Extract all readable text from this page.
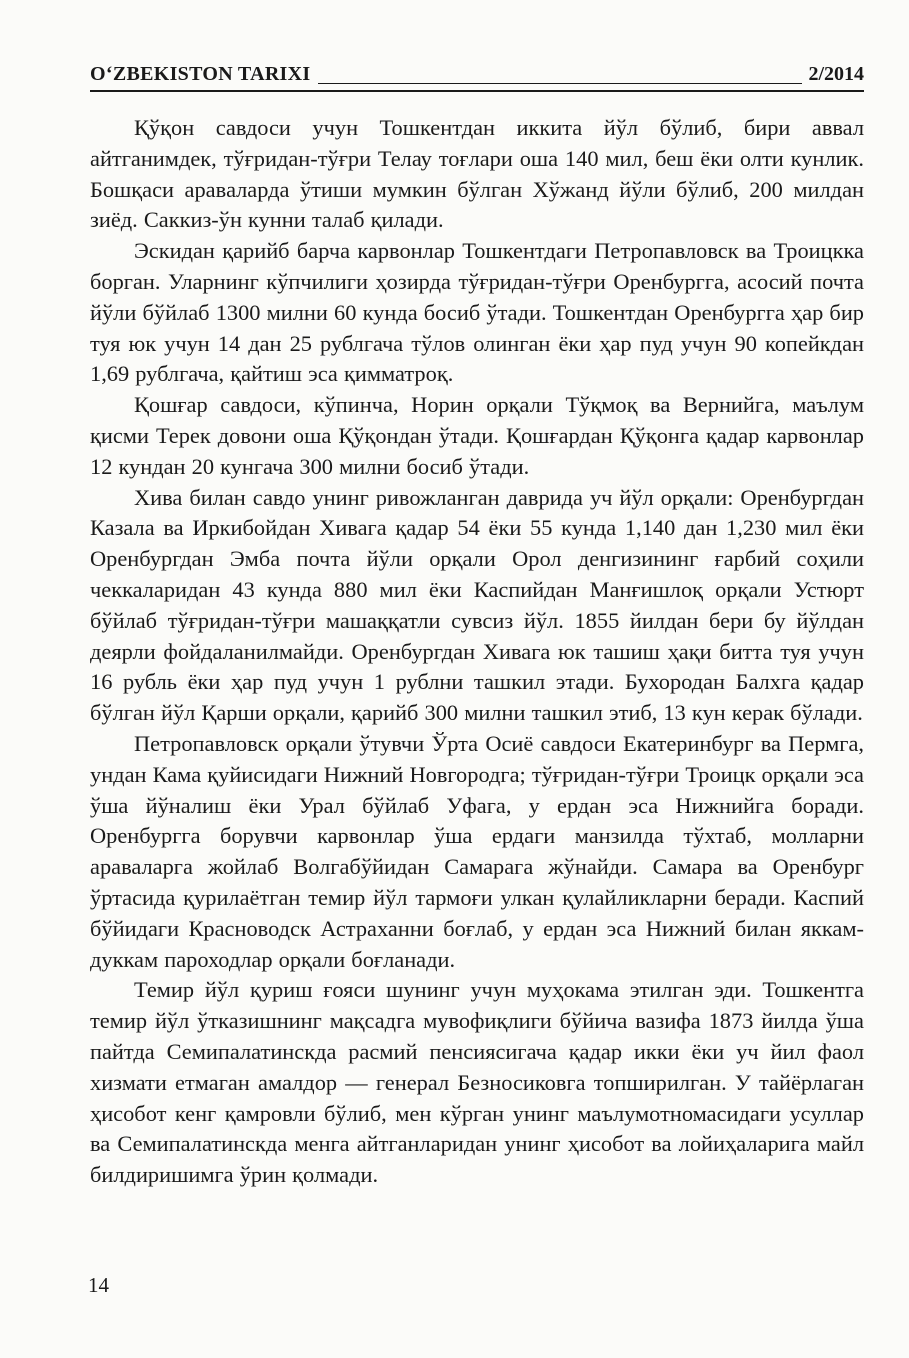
O‘ZBEKISTON TARIXI	2/2014

Қўқон савдоси учун Тошкентдан иккита йўл бўлиб, бири аввал айтганимдек, тўғридан-тўғри Телау тоғлари оша 140 мил, беш ёки олти кунлик. Бошқаси аравaларда ўтиши мумкин бўлган Хўжанд йўли бўлиб, 200 милдан зиёд. Саккиз-ўн кунни талаб қилади.

Эскидан қарийб барча карвонлар Тошкентдаги Петропавловск ва Троицкка борган. Уларнинг кўпчилиги ҳозирда тўғридан-тўғри Оренбургга, асосий почта йўли бўйлаб 1300 милни 60 кунда босиб ўтади. Тошкентдан Оренбургга ҳар бир туя юк учун 14 дан 25 рублгача тўлов олинган ёки ҳар пуд учун 90 копейкдан 1,69 рублгача, қайтиш эса қимматроқ.

Қошғар савдоси, кўпинча, Норин орқали Тўқмоқ ва Вернийга, маълум қисми Терек довони оша Қўқондан ўтади. Қошғардан Қўқонга қадар карвонлар 12 кундан 20 кунгача 300 милни босиб ўтади.

Хива билан савдо унинг ривожланган даврида уч йўл орқали: Оренбургдан Казала ва Иркибойдан Хивага қадар 54 ёки 55 кунда 1,140 дан 1,230 мил ёки Оренбургдан Эмба почта йўли орқали Орол денгизининг ғарбий соҳили чеккаларидан 43 кунда 880 мил ёки Каспийдан Манғишлоқ орқали Устюрт бўйлаб тўғридан-тўғри машаққатли сувсиз йўл. 1855 йилдан бери бу йўлдан деярли фойдаланилмайди. Оренбургдан Хивага юк ташиш ҳақи битта туя учун 16 рубль ёки ҳар пуд учун 1 рублни ташкил этади. Бухородан Балхга қадар бўлган йўл Қарши орқали, қарийб 300 милни ташкил этиб, 13 кун керак бўлади.

Петропавловск орқали ўтувчи Ўрта Осиё савдоси Екатеринбург ва Пермга, ундан Кама қуйисидаги Нижний Новгородга; тўғридан-тўғри Троицк орқали эса ўша йўналиш ёки Урал бўйлаб Уфага, у ердан эса Нижнийга боради. Оренбургга борувчи карвонлар ўша ердаги манзилда тўхтаб, молларни араваларга жойлаб Волгабўйидан Самарага жўнайди. Самара ва Оренбург ўртасида қурилаётган темир йўл тармоғи улкан қулайликларни беради. Каспий бўйидаги Красноводск Астраханни боғлаб, у ердан эса Нижний билан яккам-дуккам пароходлар орқали боғланади.

Темир йўл қуриш ғояси шунинг учун муҳокама этилган эди. Тошкентга темир йўл ўтказишнинг мақсадга мувофиқлиги бўйича вазифа 1873 йилда ўша пайтда Семипалатинскда расмий пенсиясигача қадар икки ёки уч йил фаол хизмати етмаган амалдор — генерал Безносиковга топширилган. У тайёрлаган ҳисобот кенг қамровли бўлиб, мен кўрган унинг маълумотномасидаги усуллар ва Семипалатинскда менга айтганларидан унинг ҳисобот ва лойиҳаларига майл билдиришимга ўрин қолмади.

14
